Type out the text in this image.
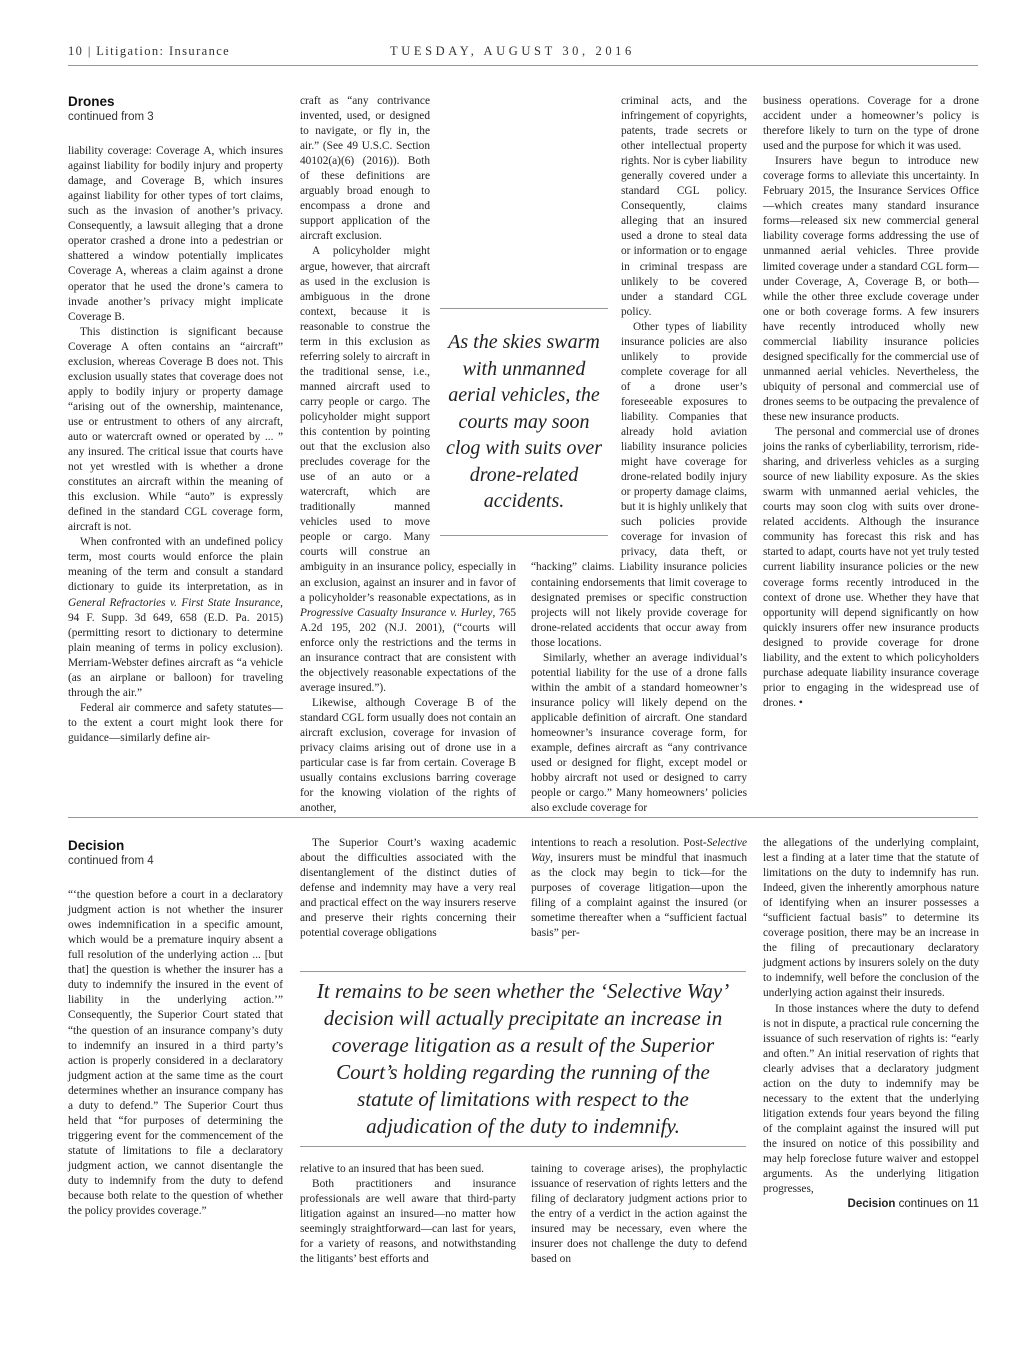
10 | Litigation: Insurance	TUESDAY, AUGUST 30, 2016
Drones
continued from 3

liability coverage: Coverage A, which insures against liability for bodily injury and property damage, and Coverage B, which insures against liability for other types of tort claims, such as the invasion of another’s privacy. Consequently, a lawsuit alleging that a drone operator crashed a drone into a pedestrian or shattered a window potentially implicates Coverage A, whereas a claim against a drone operator that he used the drone’s camera to invade another’s privacy might implicate Coverage B.

This distinction is significant because Coverage A often contains an “aircraft” exclusion, whereas Coverage B does not. This exclusion usually states that coverage does not apply to bodily injury or property damage “arising out of the ownership, maintenance, use or entrustment to others of any aircraft, auto or watercraft owned or operated by ... ” any insured. The critical issue that courts have not yet wrestled with is whether a drone constitutes an aircraft within the meaning of this exclusion. While “auto” is expressly defined in the standard CGL coverage form, aircraft is not.

When confronted with an undefined policy term, most courts would enforce the plain meaning of the term and consult a standard dictionary to guide its interpretation, as in General Refractories v. First State Insurance, 94 F. Supp. 3d 649, 658 (E.D. Pa. 2015) (permitting resort to dictionary to determine plain meaning of terms in policy exclusion). Merriam-Webster defines aircraft as “a vehicle (as an airplane or balloon) for traveling through the air.”

Federal air commerce and safety statutes—to the extent a court might look there for guidance—similarly define air-

craft as “any contrivance invented, used, or designed to navigate, or fly in, the air.” (See 49 U.S.C. Section 40102(a)(6) (2016)). Both of these definitions are arguably broad enough to encompass a drone and support application of the aircraft exclusion.

A policyholder might argue, however, that aircraft as used in the exclusion is ambiguous in the drone context, because it is reasonable to construe the term in this exclusion as referring solely to aircraft in the traditional sense, i.e., manned aircraft used to carry people or cargo. The policyholder might support this contention by pointing out that the exclusion also precludes coverage for the use of an auto or a watercraft, which are traditionally manned vehicles used to move people or cargo. Many courts will construe an ambiguity in an insurance policy, especially in an exclusion, against an insurer and in favor of a policyholder’s reasonable expectations, as in Progressive Casualty Insurance v. Hurley, 765 A.2d 195, 202 (N.J. 2001), (“courts will enforce only the restrictions and the terms in an insurance contract that are consistent with the objectively reasonable expectations of the average insured.”).

Likewise, although Coverage B of the standard CGL form usually does not contain an aircraft exclusion, coverage for invasion of privacy claims arising out of drone use in a particular case is far from certain. Coverage B usually contains exclusions barring coverage for the knowing violation of the rights of another,

criminal acts, and the infringement of copyrights, patents, trade secrets or other intellectual property rights. Nor is cyber liability generally covered under a standard CGL policy. Consequently, claims alleging that an insured used a drone to steal data or information or to engage in criminal trespass are unlikely to be covered under a standard CGL policy.

Other types of liability insurance policies are also unlikely to provide complete coverage for all of a drone user’s foreseeable exposures to liability. Companies that already hold aviation liability insurance policies might have coverage for drone-related bodily injury or property damage claims, but it is highly unlikely that such policies provide coverage for invasion of privacy, data theft, or “hacking” claims. Liability insurance policies containing endorsements that limit coverage to designated premises or specific construction projects will not likely provide coverage for drone-related accidents that occur away from those locations.

Similarly, whether an average individual’s potential liability for the use of a drone falls within the ambit of a standard homeowner’s insurance policy will likely depend on the applicable definition of aircraft. One standard homeowner’s insurance coverage form, for example, defines aircraft as “any contrivance used or designed for flight, except model or hobby aircraft not used or designed to carry people or cargo.” Many homeowners’ policies also exclude coverage for

business operations. Coverage for a drone accident under a homeowner’s policy is therefore likely to turn on the type of drone used and the purpose for which it was used.

Insurers have begun to introduce new coverage forms to alleviate this uncertainty. In February 2015, the Insurance Services Office—which creates many standard insurance forms—released six new commercial general liability coverage forms addressing the use of unmanned aerial vehicles. Three provide limited coverage under a standard CGL form—under Coverage, A, Coverage B, or both—while the other three exclude coverage under one or both coverage forms. A few insurers have recently introduced wholly new commercial liability insurance policies designed specifically for the commercial use of unmanned aerial vehicles. Nevertheless, the ubiquity of personal and commercial use of drones seems to be outpacing the prevalence of these new insurance products.

The personal and commercial use of drones joins the ranks of cyberliability, terrorism, ride-sharing, and driverless vehicles as a surging source of new liability exposure. As the skies swarm with unmanned aerial vehicles, the courts may soon clog with suits over drone-related accidents. Although the insurance community has forecast this risk and has started to adapt, courts have not yet truly tested current liability insurance policies or the new coverage forms recently introduced in the context of drone use. Whether they have that opportunity will depend significantly on how quickly insurers offer new insurance products designed to provide coverage for drone liability, and the extent to which policyholders purchase adequate liability insurance coverage prior to engaging in the widespread use of drones. •

As the skies swarm with unmanned aerial vehicles, the courts may soon clog with suits over drone-related accidents.
Decision
continued from 4

“‘the question before a court in a declaratory judgment action is not whether the insurer owes indemnification in a specific amount, which would be a premature inquiry absent a full resolution of the underlying action ... [but that] the question is whether the insurer has a duty to indemnify the insured in the event of liability in the underlying action.’” Consequently, the Superior Court stated that “the question of an insurance company’s duty to indemnify an insured in a third party’s action is properly considered in a declaratory judgment action at the same time as the court determines whether an insurance company has a duty to defend.” The Superior Court thus held that “for purposes of determining the triggering event for the commencement of the statute of limitations to file a declaratory judgment action, we cannot disentangle the duty to indemnify from the duty to defend because both relate to the question of whether the policy provides coverage.”

The Superior Court’s waxing academic about the difficulties associated with the disentanglement of the distinct duties of defense and indemnity may have a very real and practical effect on the way insurers reserve and preserve their rights concerning their potential coverage obligations

intentions to reach a resolution. Post-Selective Way, insurers must be mindful that inasmuch as the clock may begin to tick—for the purposes of coverage litigation—upon the filing of a complaint against the insured (or sometime thereafter when a “sufficient factual basis” per-

It remains to be seen whether the ‘Selective Way’ decision will actually precipitate an increase in coverage litigation as a result of the Superior Court’s holding regarding the running of the statute of limitations with respect to the adjudication of the duty to indemnify.

relative to an insured that has been sued.

Both practitioners and insurance professionals are well aware that third-party litigation against an insured—no matter how seemingly straightforward—can last for years, for a variety of reasons, and notwithstanding the litigants’ best efforts and

taining to coverage arises), the prophylactic issuance of reservation of rights letters and the filing of declaratory judgment actions prior to the entry of a verdict in the action against the insured may be necessary, even where the insurer does not challenge the duty to defend based on

the allegations of the underlying complaint, lest a finding at a later time that the statute of limitations on the duty to indemnify has run. Indeed, given the inherently amorphous nature of identifying when an insurer possesses a “sufficient factual basis” to determine its coverage position, there may be an increase in the filing of precautionary declaratory judgment actions by insurers solely on the duty to indemnify, well before the conclusion of the underlying action against their insureds.

In those instances where the duty to defend is not in dispute, a practical rule concerning the issuance of such reservation of rights is: “early and often.” An initial reservation of rights that clearly advises that a declaratory judgment action on the duty to indemnify may be necessary to the extent that the underlying litigation extends four years beyond the filing of the complaint against the insured will put the insured on notice of this possibility and may help foreclose future waiver and estoppel arguments. As the underlying litigation progresses,

Decision continues on 11
